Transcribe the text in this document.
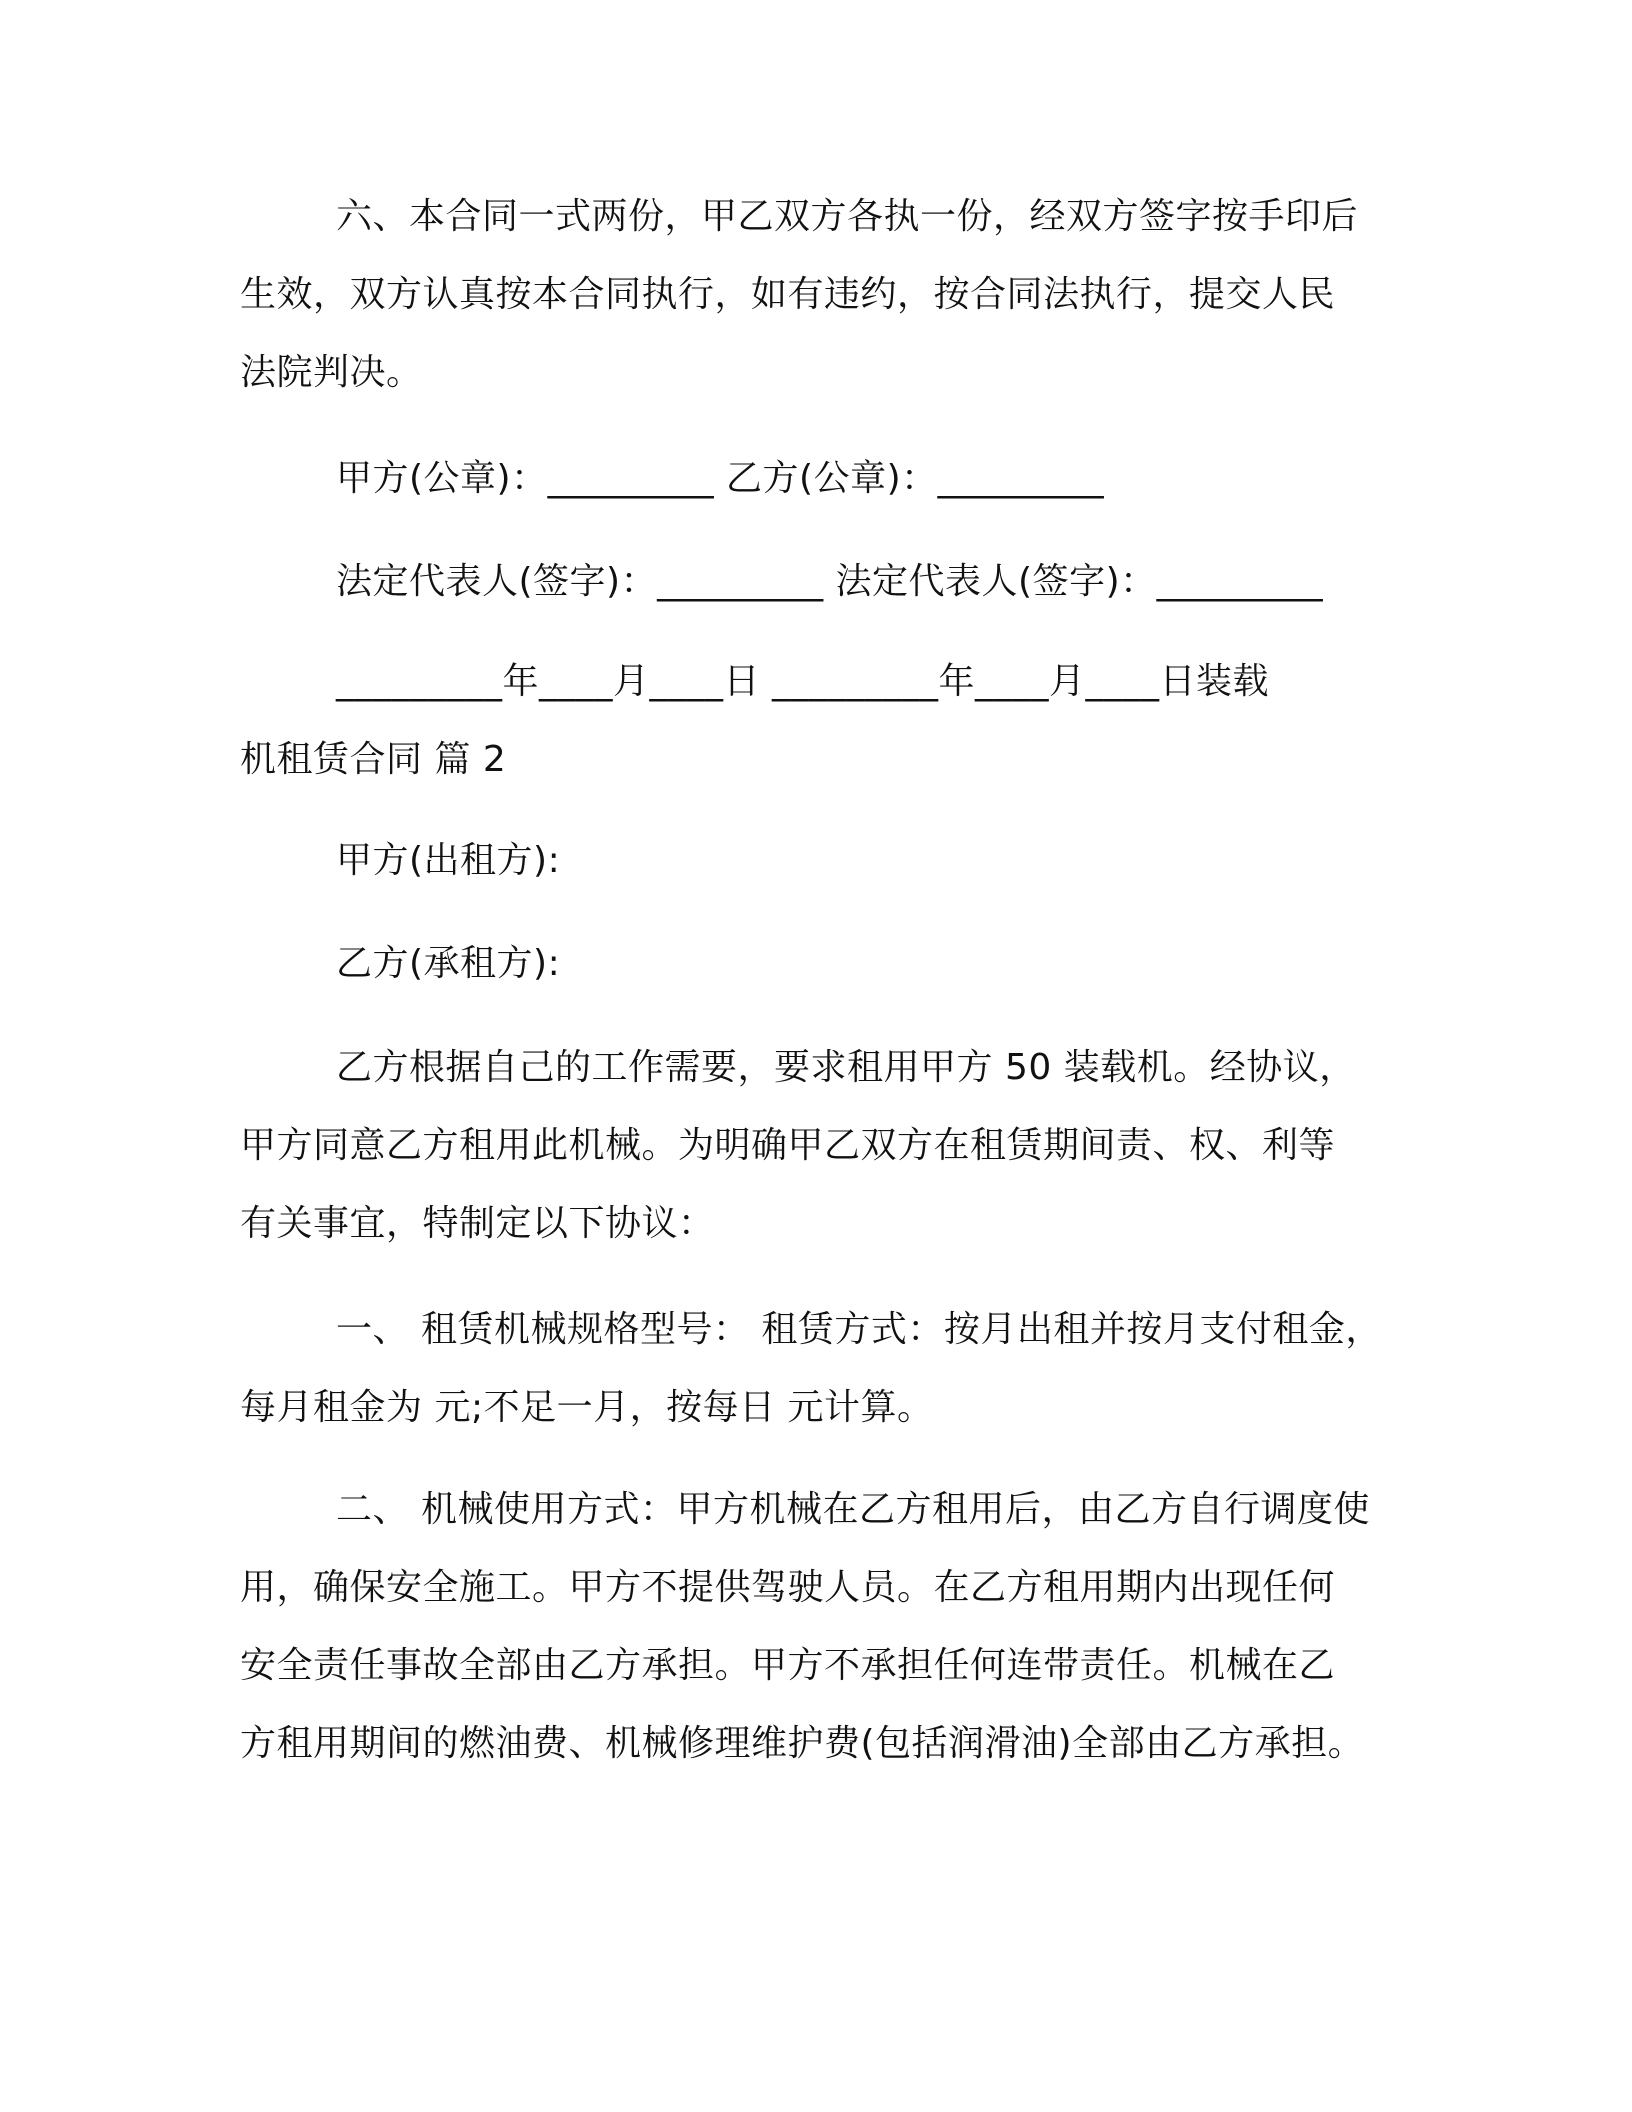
六、本合同一式两份，甲乙双方各执一份，经双方签字按手印后
生效，双方认真按本合同执行，如有违约，按合同法执行，提交人民
法院判决。
甲方(公章)：_________ 乙方(公章)：_________
法定代表人(签字)：_________ 法定代表人(签字)：_________
_________年____月____日 _________年____月____日装载
机租赁合同 篇 2
甲方(出租方):
乙方(承租方):
乙方根据自己的工作需要，要求租用甲方 50 装载机。经协议，
甲方同意乙方租用此机械。为明确甲乙双方在租赁期间责、权、利等
有关事宜，特制定以下协议：
一、 租赁机械规格型号： 租赁方式：按月出租并按月支付租金，
每月租金为 元;不足一月，按每日 元计算。
二、 机械使用方式：甲方机械在乙方租用后，由乙方自行调度使
用，确保安全施工。甲方不提供驾驶人员。在乙方租用期内出现任何
安全责任事故全部由乙方承担。甲方不承担任何连带责任。机械在乙
方租用期间的燃油费、机械修理维护费(包括润滑油)全部由乙方承担。
